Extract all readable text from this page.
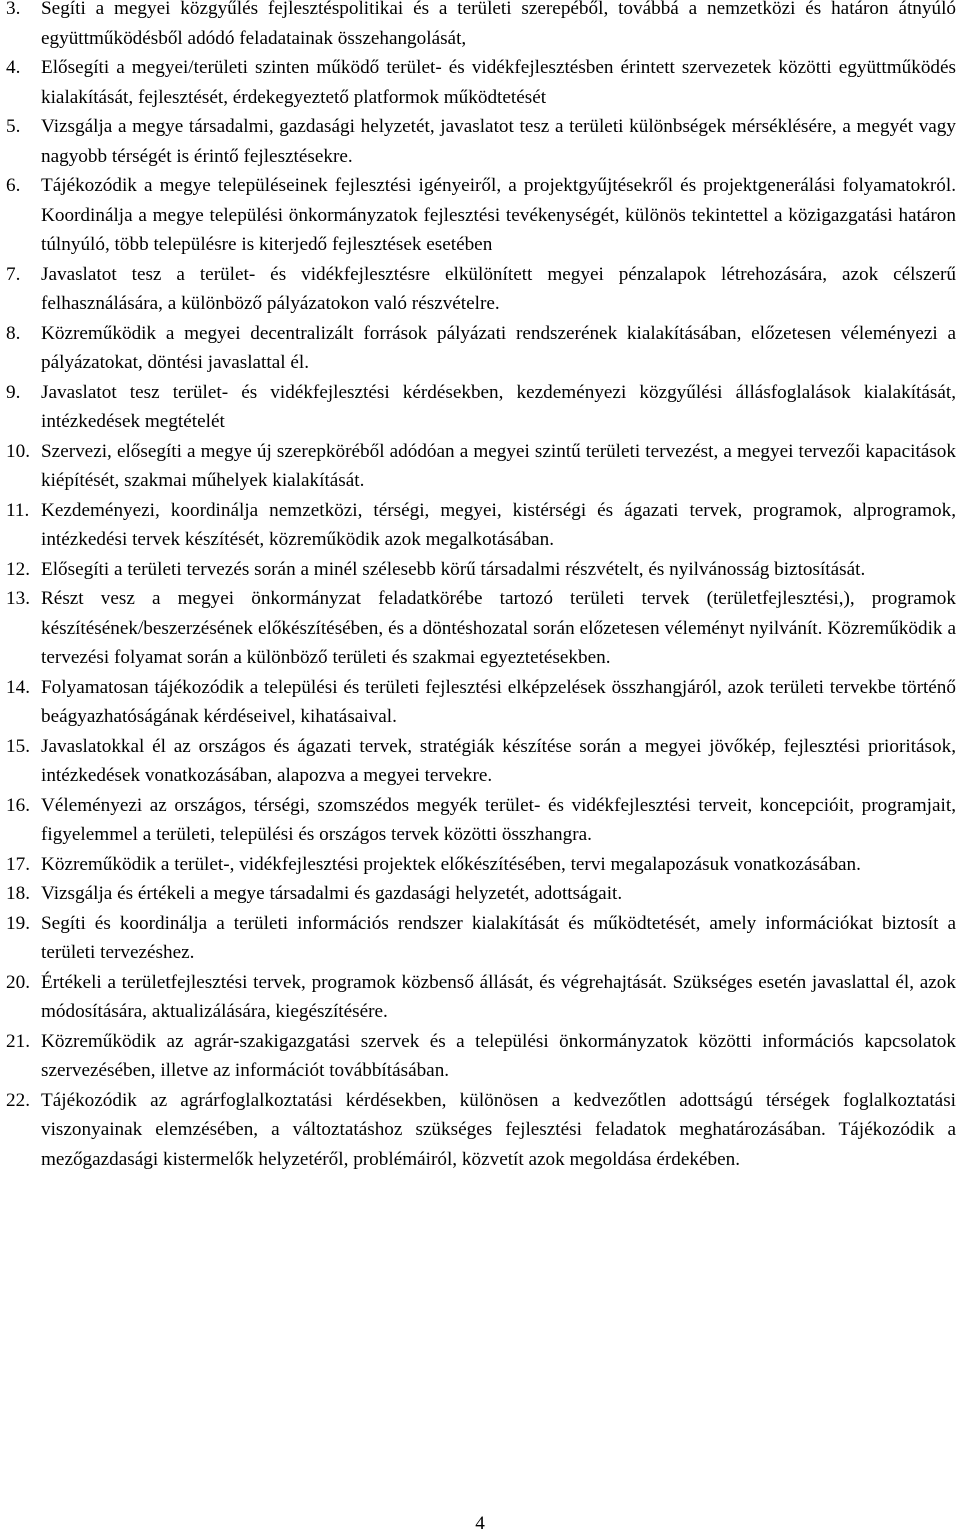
3. Segíti a megyei közgyűlés fejlesztéspolitikai és a területi szerepéből, továbbá a nemzetközi és határon átnyúló együttműködésből adódó feladatainak összehangolását,
4. Elősegíti a megyei/területi szinten működő terület- és vidékfejlesztésben érintett szervezetek közötti együttműködés kialakítását, fejlesztését, érdekegyeztető platformok működtetését
5. Vizsgálja a megye társadalmi, gazdasági helyzetét, javaslatot tesz a területi különbségek mérséklésére, a megyét vagy nagyobb térségét is érintő fejlesztésekre.
6. Tájékozódik a megye településeinek fejlesztési igényeiről, a projektgyűjtésekről és projektgenerálási folyamatokról. Koordinálja a megye települési önkormányzatok fejlesztési tevékenységét, különös tekintettel a közigazgatási határon túlnyúló, több településre is kiterjedő fejlesztések esetében
7. Javaslatot tesz a terület- és vidékfejlesztésre elkülönített megyei pénzalapok létrehozására, azok célszerű felhasználására, a különböző pályázatokon való részvételre.
8. Közreműködik a megyei decentralizált források pályázati rendszerének kialakításában, előzetesen véleményezi a pályázatokat, döntési javaslattal él.
9. Javaslatot tesz terület- és vidékfejlesztési kérdésekben, kezdeményezi közgyűlési állásfoglalások kialakítását, intézkedések megtételét
10. Szervezi, elősegíti a megye új szerepköréből adódóan a megyei szintű területi tervezést, a megyei tervezői kapacitások kiépítését, szakmai műhelyek kialakítását.
11. Kezdeményezi, koordinálja nemzetközi, térségi, megyei, kistérségi és ágazati tervek, programok, alprogramok, intézkedési tervek készítését, közreműködik azok megalkotásában.
12. Elősegíti a területi tervezés során a minél szélesebb körű társadalmi részvételt, és nyilvánosság biztosítását.
13. Részt vesz a megyei önkormányzat feladatkörébe tartozó területi tervek (területfejlesztési,), programok készítésének/beszerzésének előkészítésében, és a döntéshozatal során előzetesen véleményt nyilvánít. Közreműködik a tervezési folyamat során a különböző területi és szakmai egyeztetésekben.
14. Folyamatosan tájékozódik a települési és területi fejlesztési elképzelések összhangjáról, azok területi tervekbe történő beágyazhatóságának kérdéseivel, kihatásaival.
15. Javaslatokkal él az országos és ágazati tervek, stratégiák készítése során a megyei jövőkép, fejlesztési prioritások, intézkedések vonatkozásában, alapozva a megyei tervekre.
16. Véleményezi az országos, térségi, szomszédos megyék terület- és vidékfejlesztési terveit, koncepcióit, programjait, figyelemmel a területi, települési és országos tervek közötti összhangra.
17. Közreműködik a terület-, vidékfejlesztési projektek előkészítésében, tervi megalapozásuk vonatkozásában.
18. Vizsgálja és értékeli a megye társadalmi és gazdasági helyzetét, adottságait.
19. Segíti és koordinálja a területi információs rendszer kialakítását és működtetését, amely információkat biztosít a területi tervezéshez.
20. Értékeli a területfejlesztési tervek, programok közbenső állását, és végrehajtását. Szükséges esetén javaslattal él, azok módosítására, aktualizálására, kiegészítésére.
21. Közreműködik az agrár-szakigazgatási szervek és a települési önkormányzatok közötti információs kapcsolatok szervezésében, illetve az információt továbbításában.
22. Tájékozódik az agrárfoglalkoztatási kérdésekben, különösen a kedvezőtlen adottságú térségek foglalkoztatási viszonyainak elemzésében, a változtatáshoz szükséges fejlesztési feladatok meghatározásában. Tájékozódik a mezőgazdasági kistermelők helyzetéről, problémáiról, közvetít azok megoldása érdekében.
4
